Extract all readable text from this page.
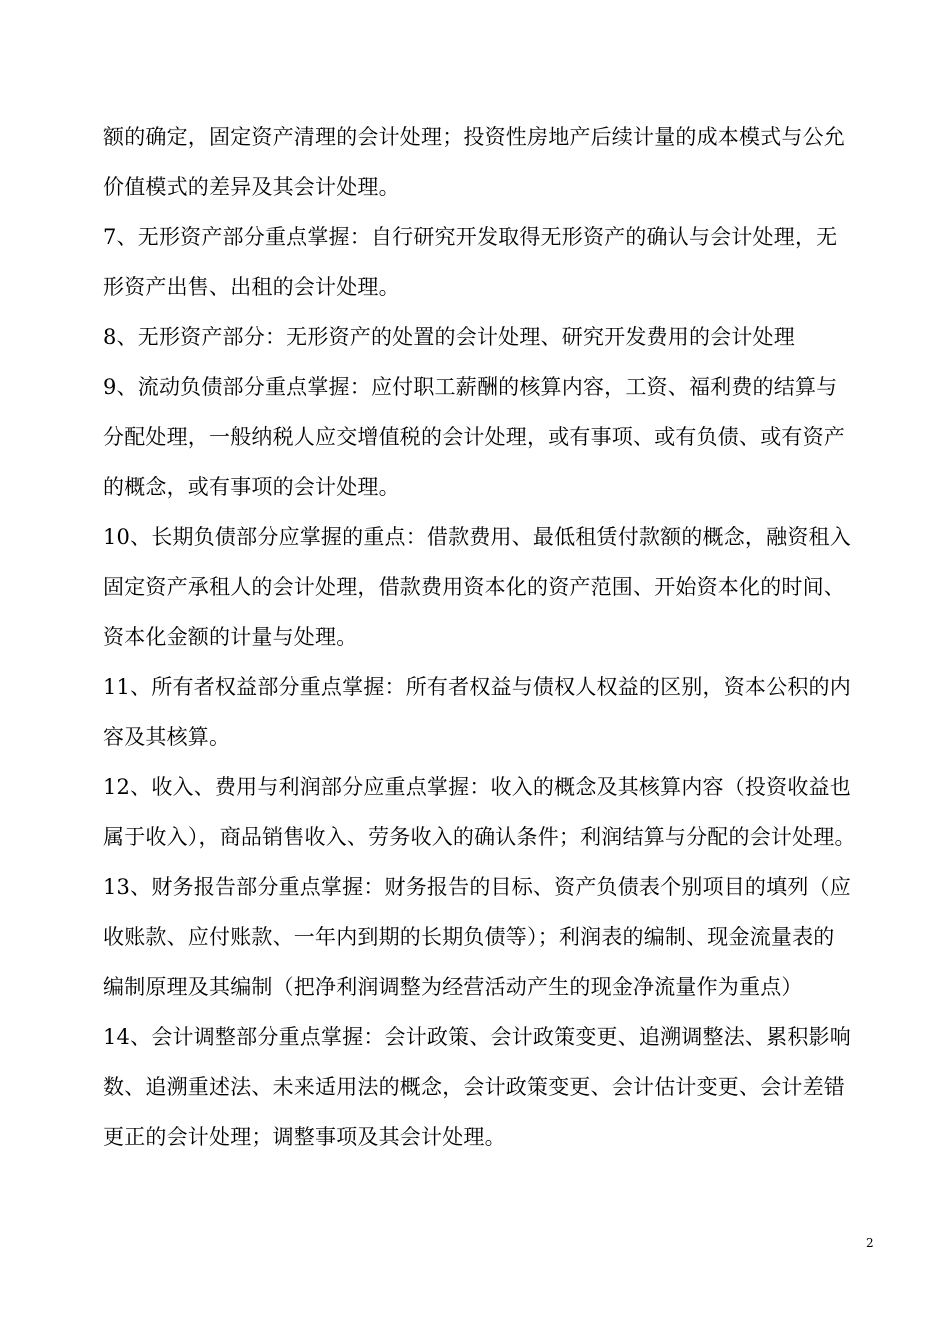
额的确定，固定资产清理的会计处理；投资性房地产后续计量的成本模式与公允
价值模式的差异及其会计处理。
7、无形资产部分重点掌握：自行研究开发取得无形资产的确认与会计处理，无
形资产出售、出租的会计处理。
8、无形资产部分：无形资产的处置的会计处理、研究开发费用的会计处理
9、流动负债部分重点掌握：应付职工薪酬的核算内容，工资、福利费的结算与
分配处理，一般纳税人应交增值税的会计处理，或有事项、或有负债、或有资产
的概念，或有事项的会计处理。
10、长期负债部分应掌握的重点：借款费用、最低租赁付款额的概念，融资租入
固定资产承租人的会计处理，借款费用资本化的资产范围、开始资本化的时间、
资本化金额的计量与处理。
11、所有者权益部分重点掌握：所有者权益与债权人权益的区别，资本公积的内
容及其核算。
12、收入、费用与利润部分应重点掌握：收入的概念及其核算内容（投资收益也
属于收入），商品销售收入、劳务收入的确认条件；利润结算与分配的会计处理。
13、财务报告部分重点掌握：财务报告的目标、资产负债表个别项目的填列（应
收账款、应付账款、一年内到期的长期负债等）；利润表的编制、现金流量表的
编制原理及其编制（把净利润调整为经营活动产生的现金净流量作为重点）
14、会计调整部分重点掌握：会计政策、会计政策变更、追溯调整法、累积影响
数、追溯重述法、未来适用法的概念，会计政策变更、会计估计变更、会计差错
更正的会计处理；调整事项及其会计处理。
2
